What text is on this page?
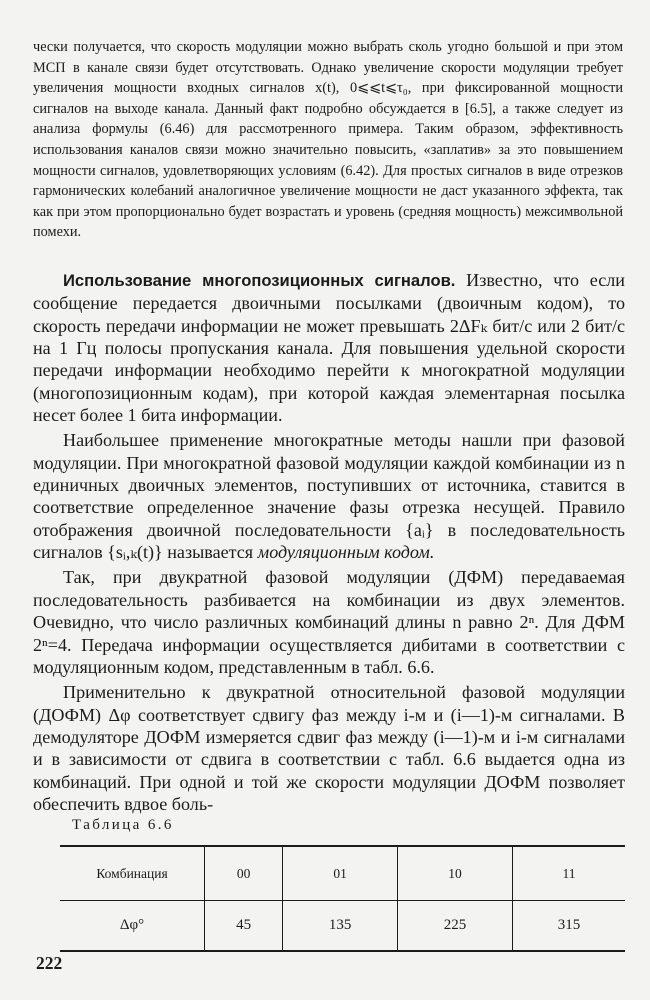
чески получается, что скорость модуляции можно выбрать сколь угодно большой и при этом МСП в канале связи будет отсутствовать. Однако увеличение скорости модуляции требует увеличения мощности входных сигналов x(t), 0⩽⩽t⩽τ₀, при фиксированной мощности сигналов на выходе канала. Данный факт подробно обсуждается в [6.5], а также следует из анализа формулы (6.46) для рассмотренного примера. Таким образом, эффективность использования каналов связи можно значительно повысить, «заплатив» за это повышением мощности сигналов, удовлетворяющих условиям (6.42). Для простых сигналов в виде отрезков гармонических колебаний аналогичное увеличение мощности не даст указанного эффекта, так как при этом пропорционально будет возрастать и уровень (средняя мощность) межсимвольной помехи.

Использование многопозиционных сигналов. Известно, что если сообщение передается двоичными посылками (двоичным кодом), то скорость передачи информации не может превышать 2ΔFₖ бит/с или 2 бит/с на 1 Гц полосы пропускания канала. Для повышения удельной скорости передачи информации необходимо перейти к многократной модуляции (многопозиционным кодам), при которой каждая элементарная посылка несет более 1 бита информации.

Наибольшее применение многократные методы нашли при фазовой модуляции. При многократной фазовой модуляции каждой комбинации из n единичных двоичных элементов, поступивших от источника, ставится в соответствие определенное значение фазы отрезка несущей. Правило отображения двоичной последовательности {aᵢ} в последовательность сигналов {sᵢ,ₖ(t)} называется модуляционным кодом.

Так, при двукратной фазовой модуляции (ДФМ) передаваемая последовательность разбивается на комбинации из двух элементов. Очевидно, что число различных комбинаций длины n равно 2ⁿ. Для ДФМ 2ⁿ=4. Передача информации осуществляется дибитами в соответствии с модуляционным кодом, представленным в табл. 6.6.

Применительно к двукратной относительной фазовой модуляции (ДОФМ) Δφ соответствует сдвигу фаз между i-м и (i—1)-м сигналами. В демодуляторе ДОФМ измеряется сдвиг фаз между (i—1)-м и i-м сигналами и в зависимости от сдвига в соответствии с табл. 6.6 выдается одна из комбинаций. При одной и той же скорости модуляции ДОФМ позволяет обеспечить вдвое боль-

Таблица 6.6
Комбинация	00	01	10	11
Δφ°	45	135	225	315
222
